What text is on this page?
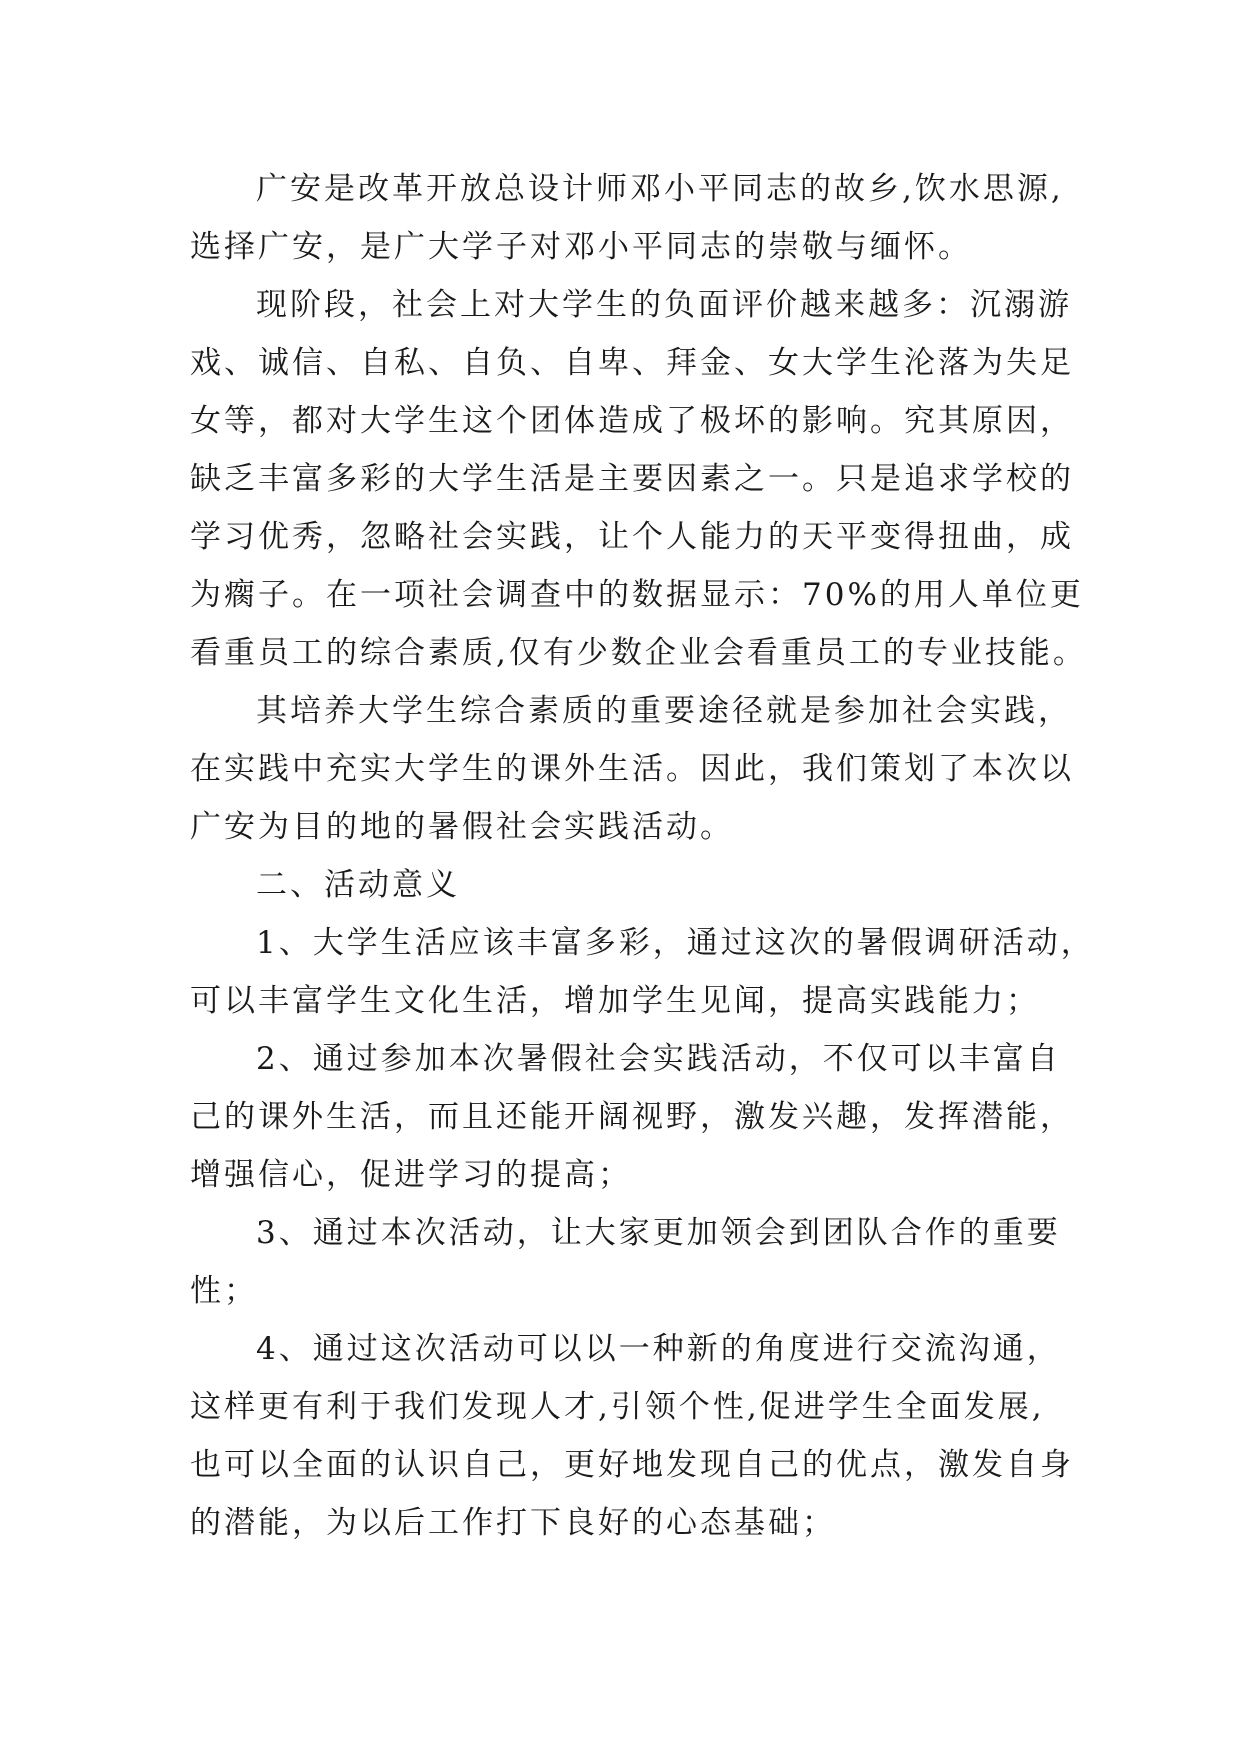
广安是改革开放总设计师邓小平同志的故乡,饮水思源,
选择广安，是广大学子对邓小平同志的崇敬与缅怀。
现阶段，社会上对大学生的负面评价越来越多：沉溺游
戏、诚信、自私、自负、自卑、拜金、女大学生沦落为失足
女等，都对大学生这个团体造成了极坏的影响。究其原因，
缺乏丰富多彩的大学生活是主要因素之一。只是追求学校的
学习优秀，忽略社会实践，让个人能力的天平变得扭曲，成
为瘸子。在一项社会调查中的数据显示：70%的用人单位更
看重员工的综合素质,仅有少数企业会看重员工的专业技能。
其培养大学生综合素质的重要途径就是参加社会实践，
在实践中充实大学生的课外生活。因此，我们策划了本次以
广安为目的地的暑假社会实践活动。
二、活动意义
1、大学生活应该丰富多彩，通过这次的暑假调研活动，
可以丰富学生文化生活，增加学生见闻，提高实践能力；
2、通过参加本次暑假社会实践活动，不仅可以丰富自
己的课外生活，而且还能开阔视野，激发兴趣，发挥潜能，
增强信心，促进学习的提高；
3、通过本次活动，让大家更加领会到团队合作的重要
性；
4、通过这次活动可以以一种新的角度进行交流沟通，
这样更有利于我们发现人才,引领个性,促进学生全面发展,
也可以全面的认识自己，更好地发现自己的优点，激发自身
的潜能，为以后工作打下良好的心态基础；
